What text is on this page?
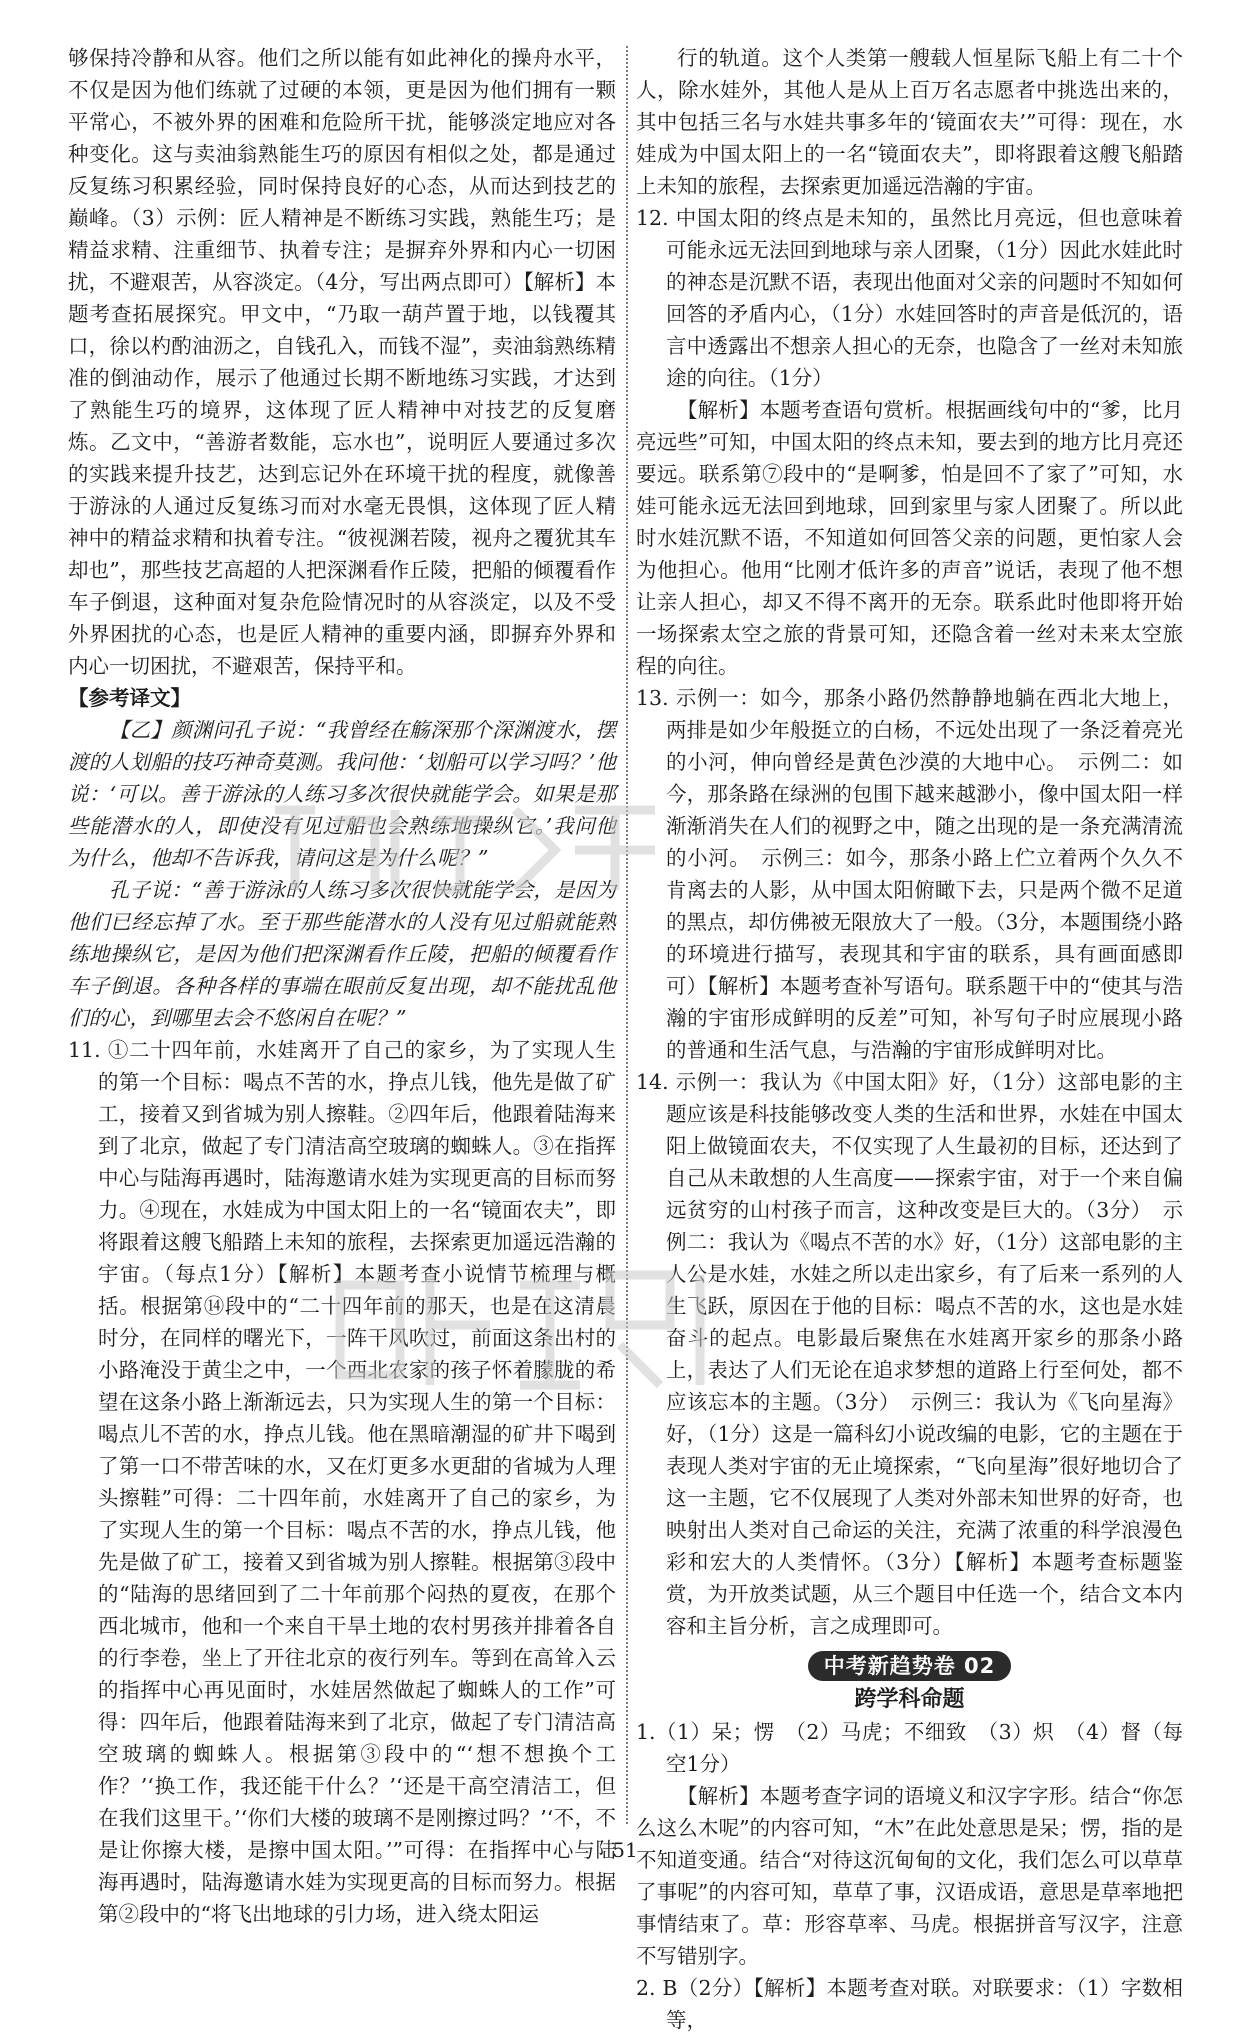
够保持冷静和从容。他们之所以能有如此神化的操舟水平，不仅是因为他们练就了过硬的本领，更是因为他们拥有一颗平常心，不被外界的困难和危险所干扰，能够淡定地应对各种变化。这与卖油翁熟能生巧的原因有相似之处，都是通过反复练习积累经验，同时保持良好的心态，从而达到技艺的巅峰。（3）示例：匠人精神是不断练习实践，熟能生巧；是精益求精、注重细节、执着专注；是摒弃外界和内心一切困扰，不避艰苦，从容淡定。（4分，写出两点即可）【解析】本题考查拓展探究。甲文中，“乃取一葫芦置于地，以钱覆其口，徐以杓酌油沥之，自钱孔入，而钱不湿”，卖油翁熟练精准的倒油动作，展示了他通过长期不断地练习实践，才达到了熟能生巧的境界，这体现了匠人精神中对技艺的反复磨炼。乙文中，“善游者数能，忘水也”，说明匠人要通过多次的实践来提升技艺，达到忘记外在环境干扰的程度，就像善于游泳的人通过反复练习而对水毫无畏惧，这体现了匠人精神中的精益求精和执着专注。“彼视渊若陵，视舟之覆犹其车却也”，那些技艺高超的人把深渊看作丘陵，把船的倾覆看作车子倒退，这种面对复杂危险情况时的从容淡定，以及不受外界困扰的心态，也是匠人精神的重要内涵，即摒弃外界和内心一切困扰，不避艰苦，保持平和。

【参考译文】

【乙】颜渊问孔子说：“我曾经在觞深那个深渊渡水，摆渡的人划船的技巧神奇莫测。我问他：‘划船可以学习吗？’他说：‘可以。善于游泳的人练习多次很快就能学会。如果是那些能潜水的人，即使没有见过船也会熟练地操纵它。’我问他为什么，他却不告诉我，请问这是为什么呢？”

孔子说：“善于游泳的人练习多次很快就能学会，是因为他们已经忘掉了水。至于那些能潜水的人没有见过船就能熟练地操纵它，是因为他们把深渊看作丘陵，把船的倾覆看作车子倒退。各种各样的事端在眼前反复出现，却不能扰乱他们的心，到哪里去会不悠闲自在呢？”

11. ①二十四年前，水娃离开了自己的家乡，为了实现人生的第一个目标：喝点不苦的水，挣点儿钱，他先是做了矿工，接着又到省城为别人擦鞋。②四年后，他跟着陆海来到了北京，做起了专门清洁高空玻璃的蜘蛛人。③在指挥中心与陆海再遇时，陆海邀请水娃为实现更高的目标而努力。④现在，水娃成为中国太阳上的一名“镜面农夫”，即将跟着这艘飞船踏上未知的旅程，去探索更加遥远浩瀚的宇宙。（每点1分）【解析】本题考查小说情节梳理与概括。根据第⑭段中的“二十四年前的那天，也是在这清晨时分，在同样的曙光下，一阵干风吹过，前面这条出村的小路淹没于黄尘之中，一个西北农家的孩子怀着朦胧的希望在这条小路上渐渐远去，只为实现人生的第一个目标：喝点儿不苦的水，挣点儿钱。他在黑暗潮湿的矿井下喝到了第一口不带苦味的水，又在灯更多水更甜的省城为人理头擦鞋”可得：二十四年前，水娃离开了自己的家乡，为了实现人生的第一个目标：喝点不苦的水，挣点儿钱，他先是做了矿工，接着又到省城为别人擦鞋。根据第③段中的“陆海的思绪回到了二十年前那个闷热的夏夜，在那个西北城市，他和一个来自干旱土地的农村男孩并排着各自的行李卷，坐上了开往北京的夜行列车。等到在高耸入云的指挥中心再见面时，水娃居然做起了蜘蛛人的工作”可得：四年后，他跟着陆海来到了北京，做起了专门清洁高空玻璃的蜘蛛人。根据第③段中的“‘想不想换个工作？’‘换工作，我还能干什么？’‘还是干高空清洁工，但在我们这里干。’‘你们大楼的玻璃不是刚擦过吗？’‘不，不是让你擦大楼，是擦中国太阳。’”可得：在指挥中心与陆海再遇时，陆海邀请水娃为实现更高的目标而努力。根据第②段中的“将飞出地球的引力场，进入绕太阳运

行的轨道。这个人类第一艘载人恒星际飞船上有二十个人，除水娃外，其他人是从上百万名志愿者中挑选出来的，其中包括三名与水娃共事多年的‘镜面农夫’”可得：现在，水娃成为中国太阳上的一名“镜面农夫”，即将跟着这艘飞船踏上未知的旅程，去探索更加遥远浩瀚的宇宙。

12. 中国太阳的终点是未知的，虽然比月亮远，但也意味着可能永远无法回到地球与亲人团聚，（1分）因此水娃此时的神态是沉默不语，表现出他面对父亲的问题时不知如何回答的矛盾内心，（1分）水娃回答时的声音是低沉的，语言中透露出不想亲人担心的无奈，也隐含了一丝对未知旅途的向往。（1分）

【解析】本题考查语句赏析。根据画线句中的“爹，比月亮远些”可知，中国太阳的终点未知，要去到的地方比月亮还要远。联系第⑦段中的“是啊爹，怕是回不了家了”可知，水娃可能永远无法回到地球，回到家里与家人团聚了。所以此时水娃沉默不语，不知道如何回答父亲的问题，更怕家人会为他担心。他用“比刚才低许多的声音”说话，表现了他不想让亲人担心，却又不得不离开的无奈。联系此时他即将开始一场探索太空之旅的背景可知，还隐含着一丝对未来太空旅程的向往。

13. 示例一：如今，那条小路仍然静静地躺在西北大地上，两排是如少年般挺立的白杨，不远处出现了一条泛着亮光的小河，伸向曾经是黄色沙漠的大地中心。　示例二：如今，那条路在绿洲的包围下越来越渺小，像中国太阳一样渐渐消失在人们的视野之中，随之出现的是一条充满清流的小河。　示例三：如今，那条小路上伫立着两个久久不肯离去的人影，从中国太阳俯瞰下去，只是两个微不足道的黑点，却仿佛被无限放大了一般。（3分，本题围绕小路的环境进行描写，表现其和宇宙的联系，具有画面感即可）【解析】本题考查补写语句。联系题干中的“使其与浩瀚的宇宙形成鲜明的反差”可知，补写句子时应展现小路的普通和生活气息，与浩瀚的宇宙形成鲜明对比。

14. 示例一：我认为《中国太阳》好，（1分）这部电影的主题应该是科技能够改变人类的生活和世界，水娃在中国太阳上做镜面农夫，不仅实现了人生最初的目标，还达到了自己从未敢想的人生高度——探索宇宙，对于一个来自偏远贫穷的山村孩子而言，这种改变是巨大的。（3分）　示例二：我认为《喝点不苦的水》好，（1分）这部电影的主人公是水娃，水娃之所以走出家乡，有了后来一系列的人生飞跃，原因在于他的目标：喝点不苦的水，这也是水娃奋斗的起点。电影最后聚焦在水娃离开家乡的那条小路上，表达了人们无论在追求梦想的道路上行至何处，都不应该忘本的主题。（3分）　示例三：我认为《飞向星海》好，（1分）这是一篇科幻小说改编的电影，它的主题在于表现人类对宇宙的无止境探索，“飞向星海”很好地切合了这一主题，它不仅展现了人类对外部未知世界的好奇，也映射出人类对自己命运的关注，充满了浓重的科学浪漫色彩和宏大的人类情怀。（3分）【解析】本题考查标题鉴赏，为开放类试题，从三个题目中任选一个，结合文本内容和主旨分析，言之成理即可。

中考新趋势卷 02

跨学科命题

1.（1）呆；愣　（2）马虎；不细致　（3）炽　（4）督（每空1分）

【解析】本题考查字词的语境义和汉字字形。结合“你怎么这么木呢”的内容可知，“木”在此处意思是呆；愣，指的是不知道变通。结合“对待这沉甸甸的文化，我们怎么可以草草了事呢”的内容可知，草草了事，汉语成语，意思是草率地把事情结束了。草：形容草率、马虎。根据拼音写汉字，注意不写错别字。

2. B（2分）【解析】本题考查对联。对联要求：（1）字数相等，

51
